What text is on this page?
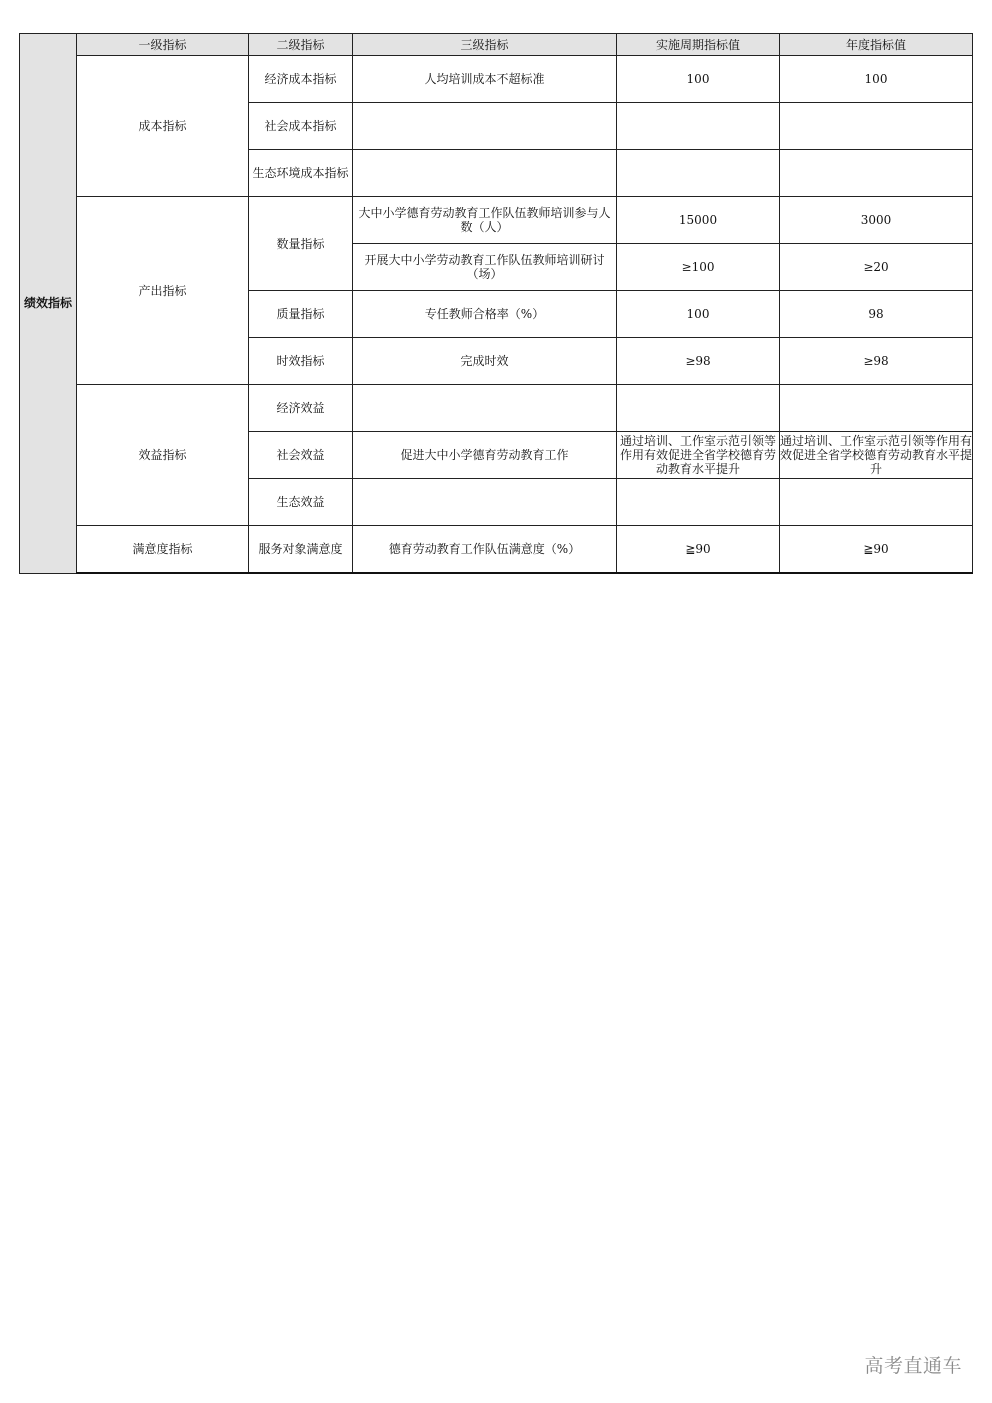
绩效指标	一级指标	二级指标	三级指标	实施周期指标值	年度指标值
	成本指标	经济成本指标	人均培训成本不超标准	100	100
		社会成本指标			
		生态环境成本指标			
	产出指标	数量指标	大中小学德育劳动教育工作队伍教师培训参与人数（人）	15000	3000
			开展大中小学劳动教育工作队伍教师培训研讨（场）	≥100	≥20
		质量指标	专任教师合格率（%）	100	98
		时效指标	完成时效	≥98	≥98
	效益指标	经济效益			
		社会效益	促进大中小学德育劳动教育工作	通过培训、工作室示范引领等作用有效促进全省学校德育劳动教育水平提升	通过培训、工作室示范引领等作用有效促进全省学校德育劳动教育水平提升
		生态效益			
	满意度指标	服务对象满意度	德育劳动教育工作队伍满意度（%）	≧90	≧90
高考直通车
